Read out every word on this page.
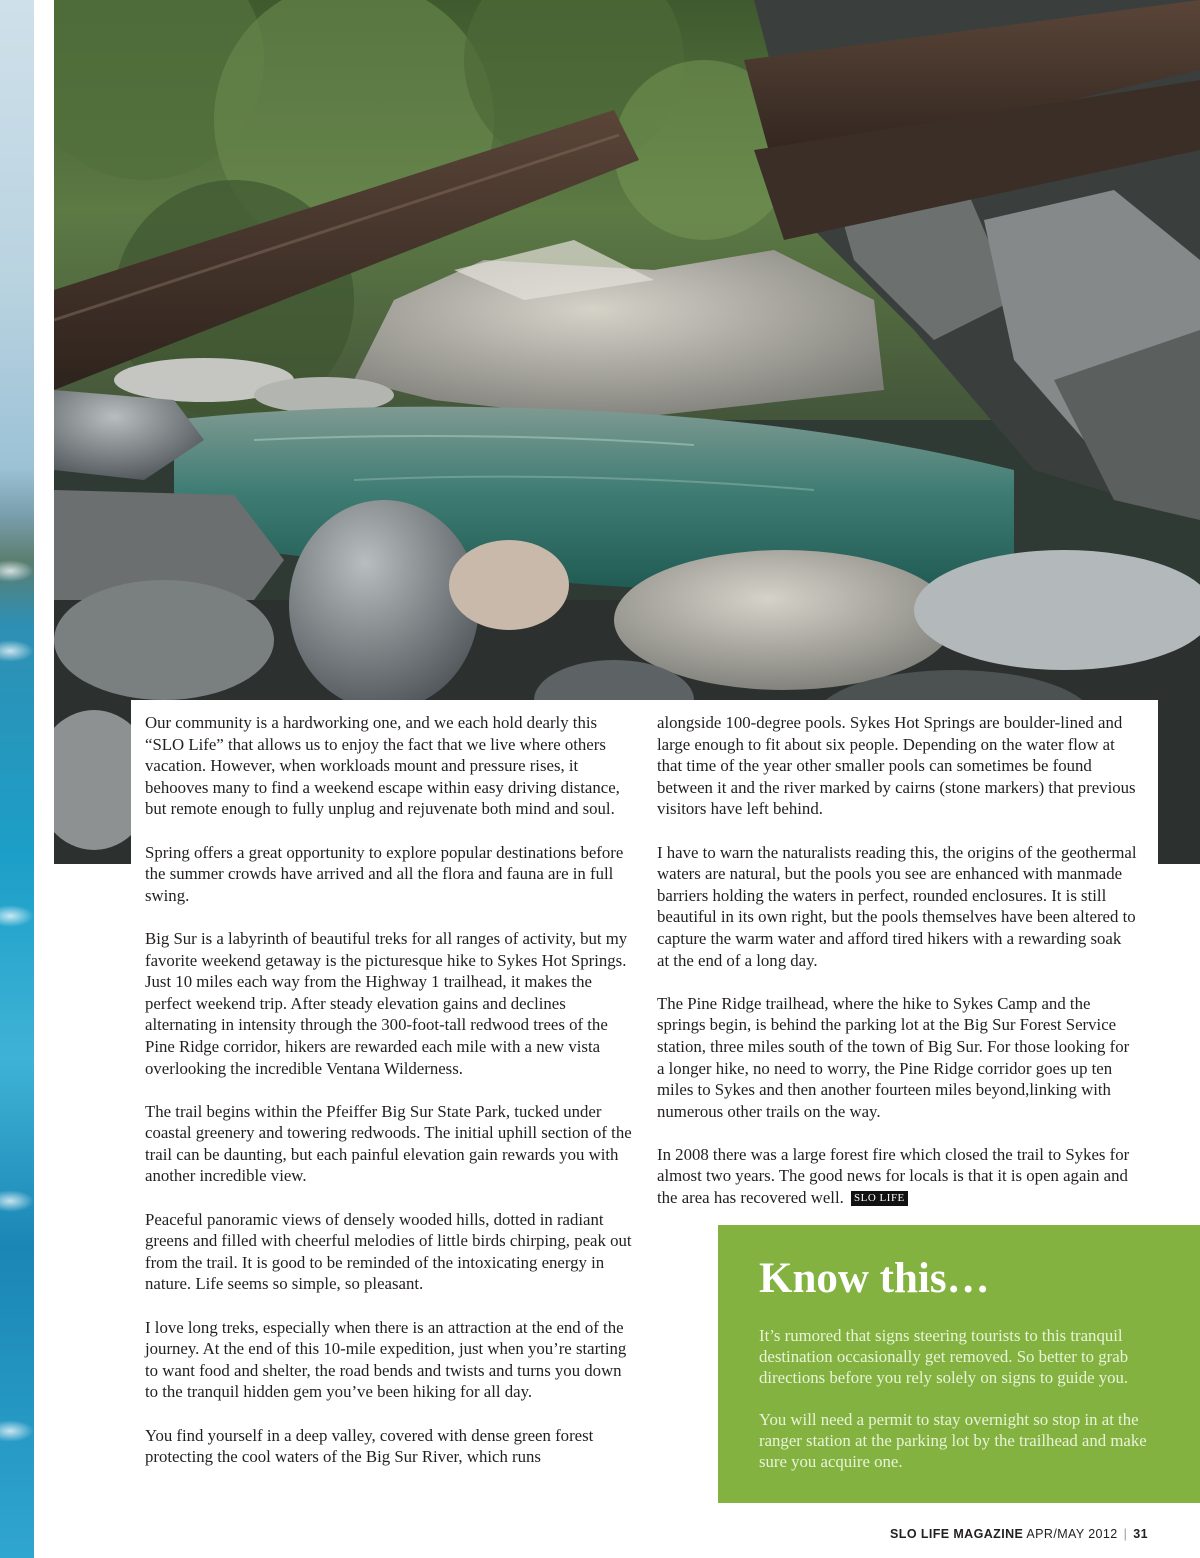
Our community is a hardworking one, and we each hold dearly this “SLO Life” that allows us to enjoy the fact that we live where others vacation. However, when workloads mount and pressure rises, it behooves many to find a weekend escape within easy driving distance, but remote enough to fully unplug and rejuvenate both mind and soul.

Spring offers a great opportunity to explore popular destinations before the summer crowds have arrived and all the flora and fauna are in full swing.

Big Sur is a labyrinth of beautiful treks for all ranges of activity, but my favorite weekend getaway is the picturesque hike to Sykes Hot Springs. Just 10 miles each way from the Highway 1 trailhead, it makes the perfect weekend trip. After steady elevation gains and declines alternating in intensity through the 300-foot-tall redwood trees of the Pine Ridge corridor, hikers are rewarded each mile with a new vista overlooking the incredible Ventana Wilderness.

The trail begins within the Pfeiffer Big Sur State Park, tucked under coastal greenery and towering redwoods. The initial uphill section of the trail can be daunting, but each painful elevation gain rewards you with another incredible view.

Peaceful panoramic views of densely wooded hills, dotted in radiant greens and filled with cheerful melodies of little birds chirping, peak out from the trail. It is good to be reminded of the intoxicating energy in nature. Life seems so simple, so pleasant.

I love long treks, especially when there is an attraction at the end of the journey. At the end of this 10-mile expedition, just when you’re starting to want food and shelter, the road bends and twists and turns you down to the tranquil hidden gem you’ve been hiking for all day.

You find yourself in a deep valley, covered with dense green forest protecting the cool waters of the Big Sur River, which runs

alongside 100-degree pools. Sykes Hot Springs are boulder-lined and large enough to fit about six people. Depending on the water flow at that time of the year other smaller pools can sometimes be found between it and the river marked by cairns (stone markers) that previous visitors have left behind.

I have to warn the naturalists reading this, the origins of the geothermal waters are natural, but the pools you see are enhanced with manmade barriers holding the waters in perfect, rounded enclosures. It is still beautiful in its own right, but the pools themselves have been altered to capture the warm water and afford tired hikers with a rewarding soak at the end of a long day.

The Pine Ridge trailhead, where the hike to Sykes Camp and the springs begin, is behind the parking lot at the Big Sur Forest Service station, three miles south of the town of Big Sur. For those looking for a longer hike, no need to worry, the Pine Ridge corridor goes up ten miles to Sykes and then another fourteen miles beyond,linking with numerous other trails on the way.

In 2008 there was a large forest fire which closed the trail to Sykes for almost two years. The good news for locals is that it is open again and the area has recovered well. SLO LIFE

Know this…

It’s rumored that signs steering tourists to this tranquil destination occasionally get removed. So better to grab directions before you rely solely on signs to guide you.

You will need a permit to stay overnight so stop in at the ranger station at the parking lot by the trailhead and make sure you acquire one.

SLO LIFE MAGAZINE APR/MAY 2012 | 31
